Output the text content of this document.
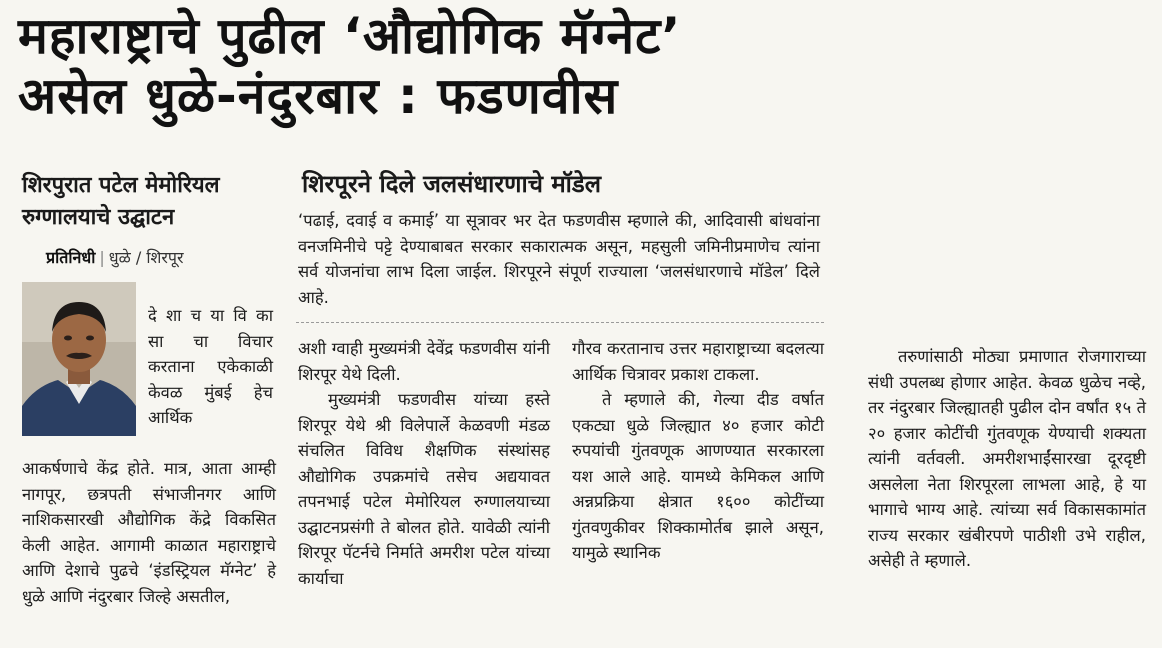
महाराष्ट्राचे पुढील ‘औद्योगिक मॅग्नेट’
असेल धुळे-नंदुरबार : फडणवीस
शिरपुरात पटेल मेमोरियल
रुग्णालयाचे उद्घाटन
प्रतिनिधी | धुळे / शिरपूर

दे शा च या वि का सा चा विचार करताना एकेकाळी केवळ मुंबई हेच आर्थिक

आकर्षणाचे केंद्र होते. मात्र, आता आम्ही नागपूर, छत्रपती संभाजीनगर आणि नाशिकसारखी औद्योगिक केंद्रे विकसित केली आहेत. आगामी काळात महाराष्ट्राचे आणि देशाचे पुढचे ‘इंडस्ट्रियल मॅग्नेट’ हे धुळे आणि नंदुरबार जिल्हे असतील,

शिरपूरने दिले जलसंधारणाचे मॉडेल
‘पढाई, दवाई व कमाई’ या सूत्रावर भर देत फडणवीस म्हणाले की, आदिवासी बांधवांना वनजमिनीचे पट्टे देण्याबाबत सरकार सकारात्मक असून, महसुली जमिनीप्रमाणेच त्यांना सर्व योजनांचा लाभ दिला जाईल. शिरपूरने संपूर्ण राज्याला ‘जलसंधारणाचे मॉडेल’ दिले आहे.

अशी ग्वाही मुख्यमंत्री देवेंद्र फडणवीस यांनी शिरपूर येथे दिली.

मुख्यमंत्री फडणवीस यांच्या हस्ते शिरपूर येथे श्री विलेपार्ले केळवणी मंडळ संचलित विविध शैक्षणिक संस्थांसह औद्योगिक उपक्रमांचे तसेच अद्ययावत तपनभाई पटेल मेमोरियल रुग्णालयाच्या उद्घाटनप्रसंगी ते बोलत होते. यावेळी त्यांनी शिरपूर पॅटर्नचे निर्माते अमरीश पटेल यांच्या कार्याचा

गौरव करतानाच उत्तर महाराष्ट्राच्या बदलत्या आर्थिक चित्रावर प्रकाश टाकला.

ते म्हणाले की, गेल्या दीड वर्षात एकट्या धुळे जिल्ह्यात ४० हजार कोटी रुपयांची गुंतवणूक आणण्यात सरकारला यश आले आहे. यामध्ये केमिकल आणि अन्नप्रक्रिया क्षेत्रात १६०० कोटींच्या गुंतवणुकीवर शिक्कामोर्तब झाले असून, यामुळे स्थानिक

तरुणांसाठी मोठ्या प्रमाणात रोजगाराच्या संधी उपलब्ध होणार आहेत. केवळ धुळेच नव्हे, तर नंदुरबार जिल्ह्यातही पुढील दोन वर्षांत १५ ते २० हजार कोटींची गुंतवणूक येण्याची शक्यता त्यांनी वर्तवली. अमरीशभाईंसारखा दूरदृष्टी असलेला नेता शिरपूरला लाभला आहे, हे या भागाचे भाग्य आहे. त्यांच्या सर्व विकासकामांत राज्य सरकार खंबीरपणे पाठीशी उभे राहील, असेही ते म्हणाले.
